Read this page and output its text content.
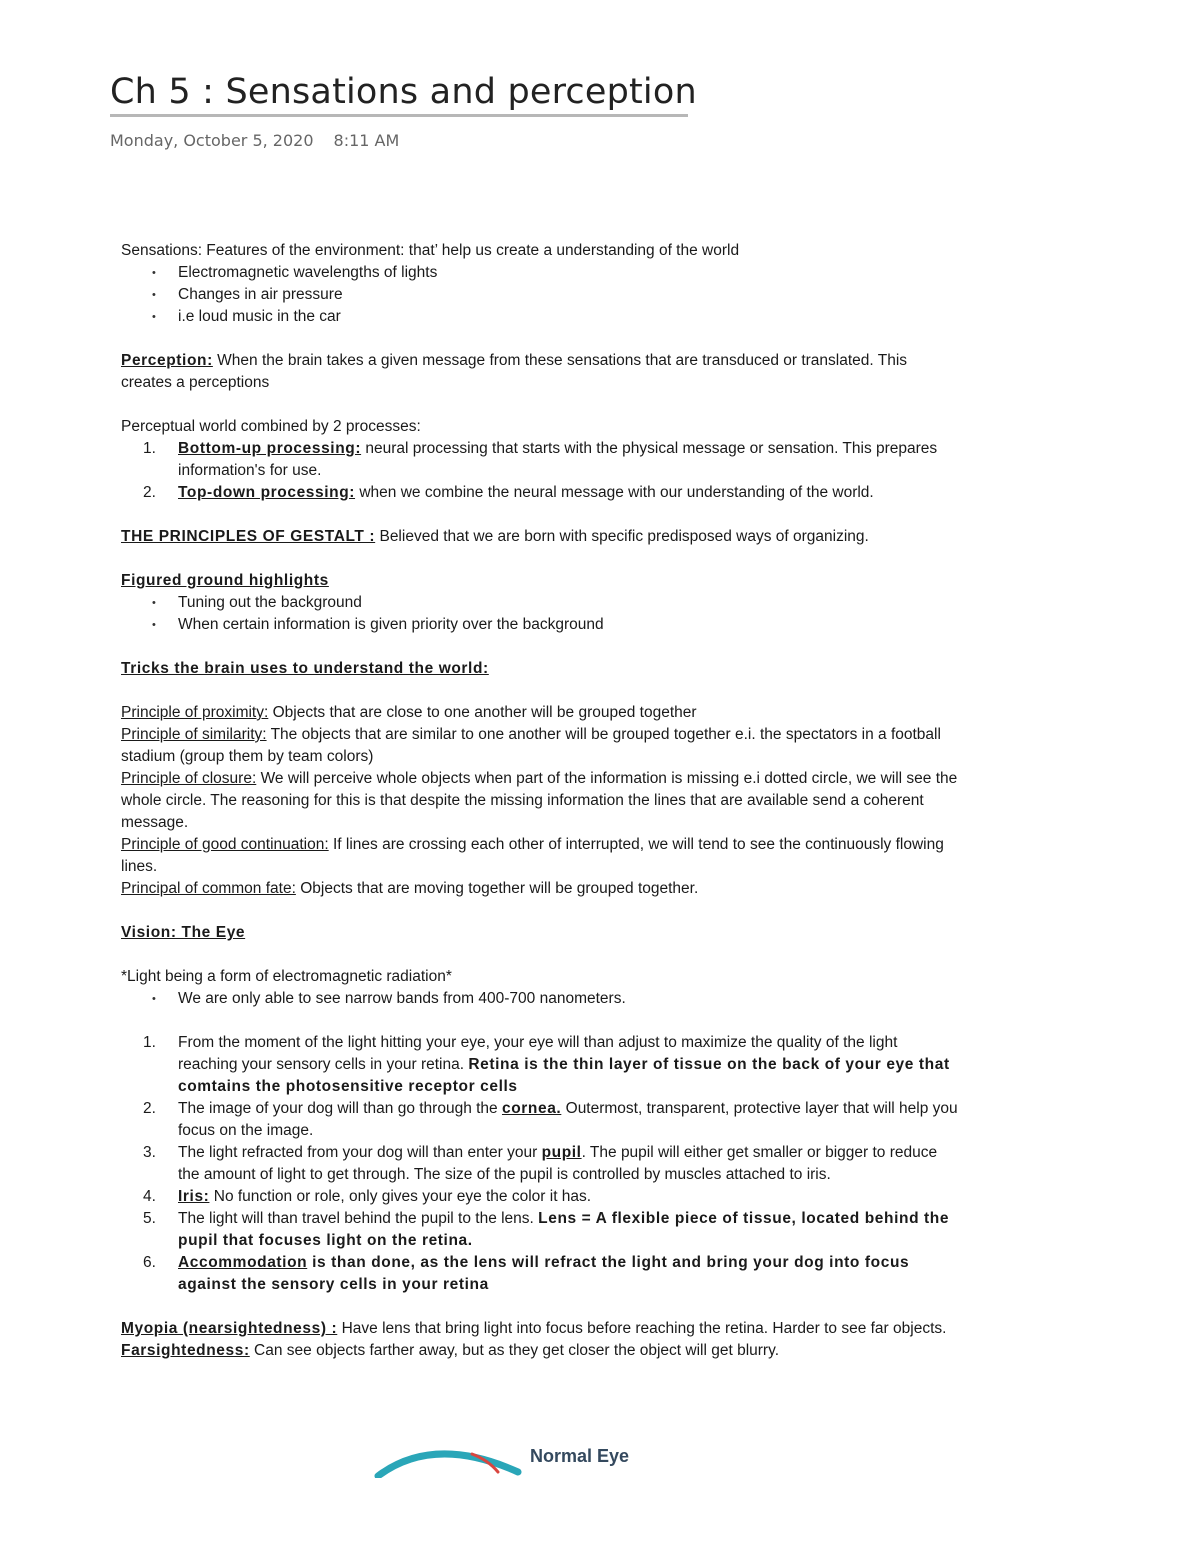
Ch 5 : Sensations and perception
Monday, October 5, 2020 8:11 AM

Sensations: Features of the environment: that’ help us create a understanding of the world

• Electromagnetic wavelengths of lights
• Changes in air pressure
• i.e loud music in the car

Perception: When the brain takes a given message from these sensations that are transduced or translated. This creates a perceptions

Perceptual world combined by 2 processes:

1. Bottom-up processing: neural processing that starts with the physical message or sensation. This prepares information's for use.
2. Top-down processing: when we combine the neural message with our understanding of the world.

THE PRINCIPLES OF GESTALT : Believed that we are born with specific predisposed ways of organizing.

Figured ground highlights

• Tuning out the background
• When certain information is given priority over the background

Tricks the brain uses to understand the world:

Principle of proximity: Objects that are close to one another will be grouped together

Principle of similarity: The objects that are similar to one another will be grouped together e.i. the spectators in a football stadium (group them by team colors)

Principle of closure: We will perceive whole objects when part of the information is missing e.i dotted circle, we will see the whole circle. The reasoning for this is that despite the missing information the lines that are available send a coherent message.

Principle of good continuation: If lines are crossing each other of interrupted, we will tend to see the continuously flowing lines.

Principal of common fate: Objects that are moving together will be grouped together.

Vision: The Eye

*Light being a form of electromagnetic radiation*

• We are only able to see narrow bands from 400-700 nanometers.
1. From the moment of the light hitting your eye, your eye will than adjust to maximize the quality of the light reaching your sensory cells in your retina. Retina is the thin layer of tissue on the back of your eye that comtains the photosensitive receptor cells
2. The image of your dog will than go through the cornea. Outermost, transparent, protective layer that will help you focus on the image.
3. The light refracted from your dog will than enter your pupil. The pupil will either get smaller or bigger to reduce the amount of light to get through. The size of the pupil is controlled by muscles attached to iris.
4. Iris: No function or role, only gives your eye the color it has.
5. The light will than travel behind the pupil to the lens. Lens = A flexible piece of tissue, located behind the pupil that focuses light on the retina.
6. Accommodation is than done, as the lens will refract the light and bring your dog into focus against the sensory cells in your retina

Myopia (nearsightedness) : Have lens that bring light into focus before reaching the retina. Harder to see far objects.

Farsightedness: Can see objects farther away, but as they get closer the object will get blurry.

Normal Eye
